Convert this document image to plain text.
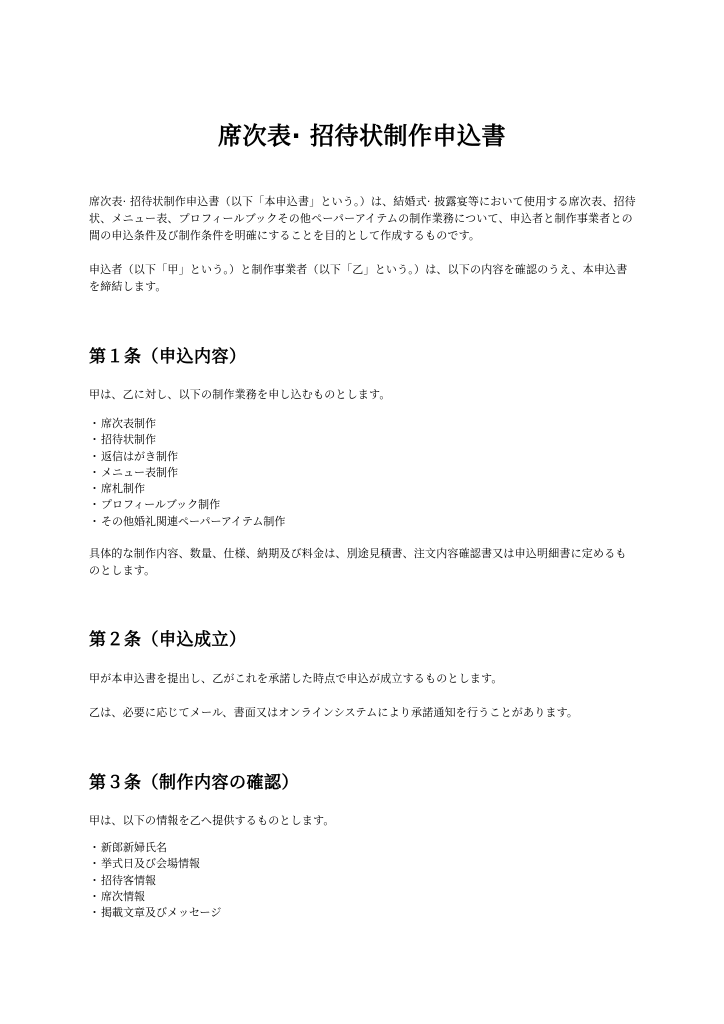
席次表· 招待状制作申込書
席次表· 招待状制作申込書（以下「本申込書」という。）は、結婚式· 披露宴等において使用する席次表、招待状、メニュー表、プロフィールブックその他ペーパーアイテムの制作業務について、申込者と制作事業者との間の申込条件及び制作条件を明確にすることを目的として作成するものです。
申込者（以下「甲」という。）と制作事業者（以下「乙」という。）は、以下の内容を確認のうえ、本申込書を締結します。
第１条（申込内容）
甲は、乙に対し、以下の制作業務を申し込むものとします。
・ 席次表制作
・ 招待状制作
・ 返信はがき制作
・ メニュー表制作
・ 席札制作
・ プロフィールブック制作
・ その他婚礼関連ペーパーアイテム制作
具体的な制作内容、数量、仕様、納期及び料金は、別途見積書、注文内容確認書又は申込明細書に定めるものとします。
第２条（申込成立）
甲が本申込書を提出し、乙がこれを承諾した時点で申込が成立するものとします。
乙は、必要に応じてメール、書面又はオンラインシステムにより承諾通知を行うことがあります。
第３条（制作内容の確認）
甲は、以下の情報を乙へ提供するものとします。
・ 新郎新婦氏名
・ 挙式日及び会場情報
・ 招待客情報
・ 席次情報
・ 掲載文章及びメッセージ
